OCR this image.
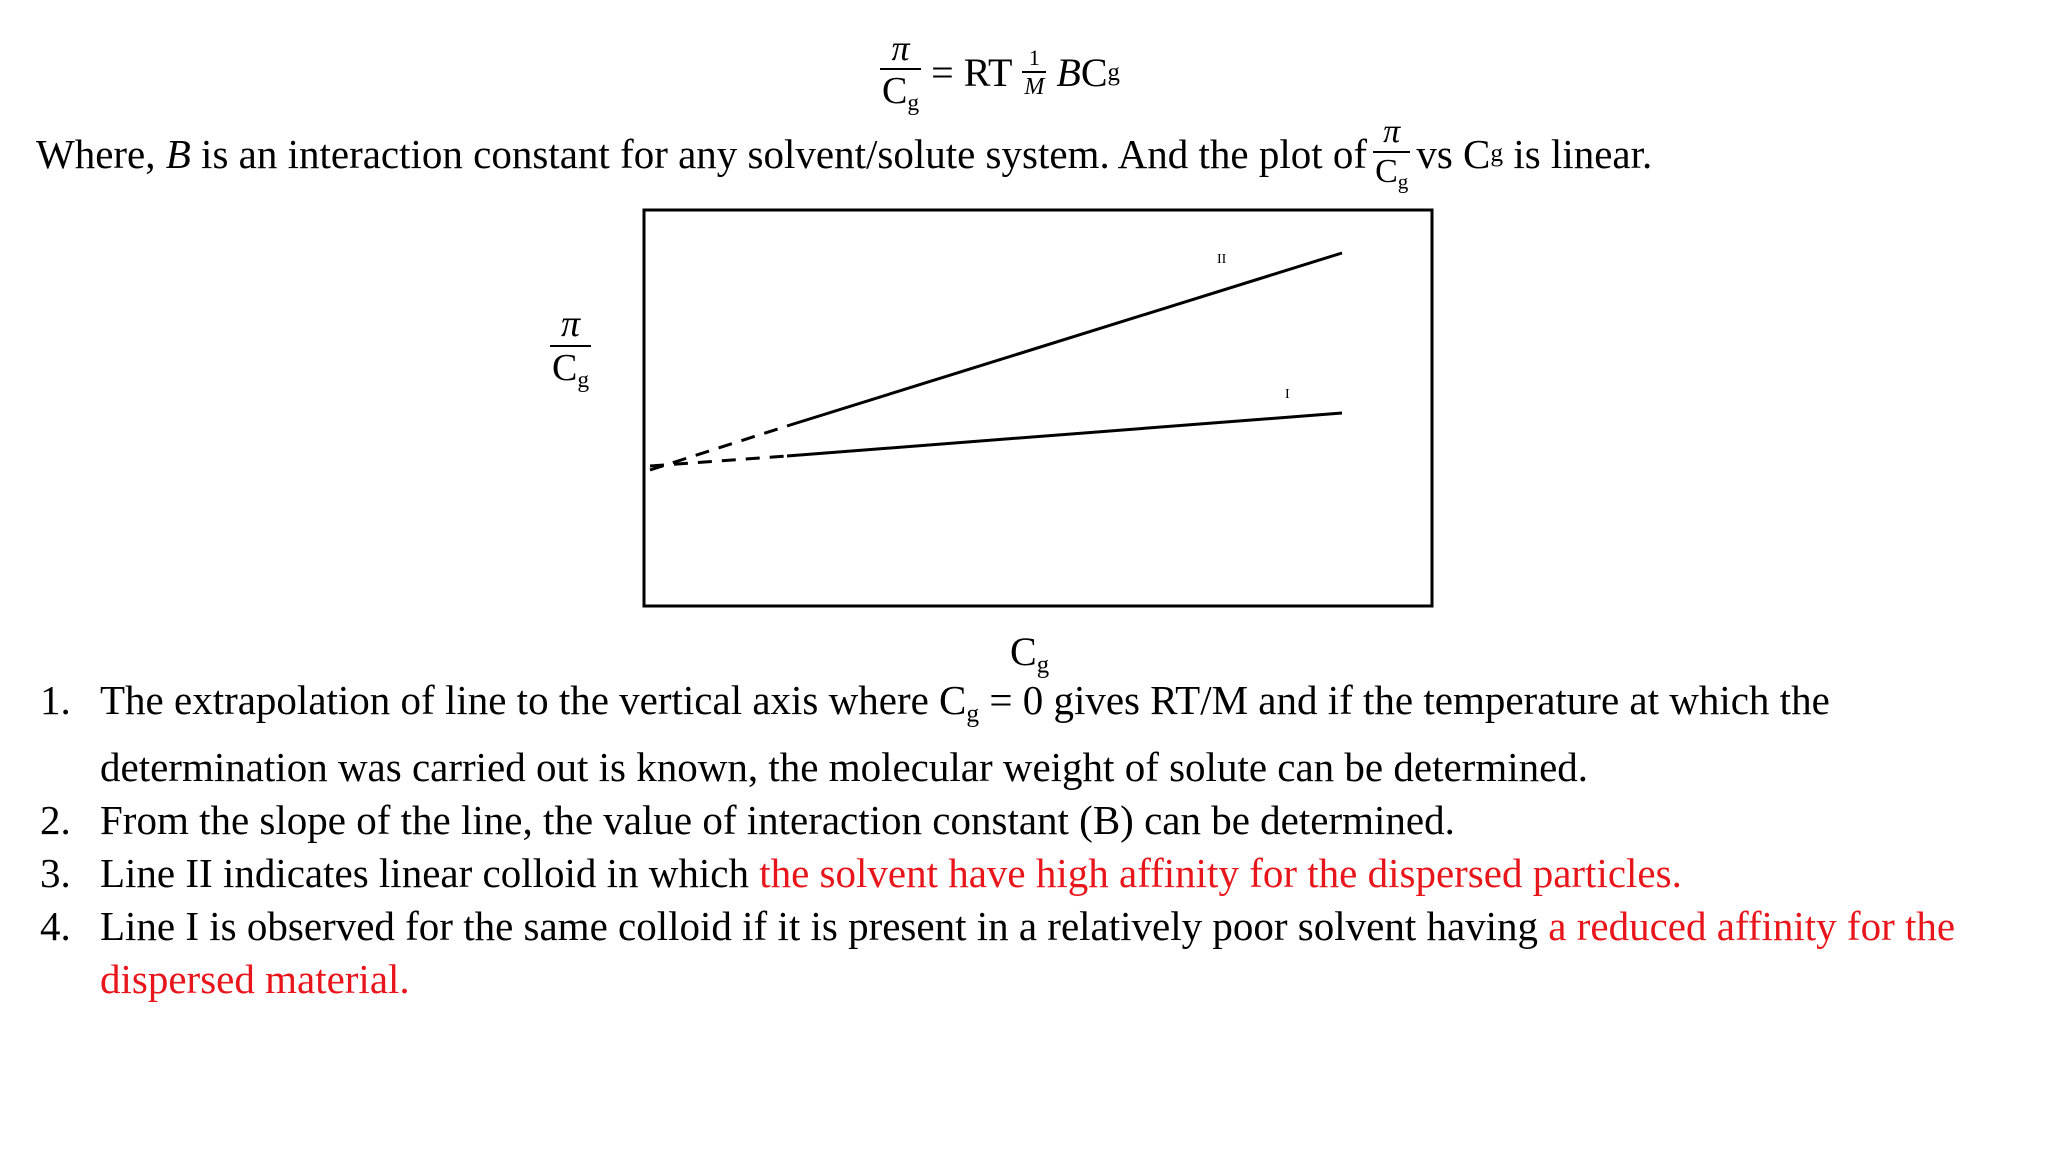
$\frac{\pi}{C_g}$ = RT $\frac{1}{M}$ B C g
Where,
B
is an interaction constant for any solvent/solute system. And the plot of $\frac{\pi}{C_g}$ vs C g
is linear.
$\frac{\pi}{C_g}$
II
I
$C_g$
1. The extrapolation of line to the vertical axis where $C_g = 0$ gives RT/M and if the temperature at which the determination was carried out is known, the molecular weight of solute can be determined.
2. From the slope of the line, the value of interaction constant (B) can be determined.
3. Line II indicates linear colloid in which the solvent have high affinity for the dispersed particles.
4. Line I is observed for the same colloid if it is present in a relatively poor solvent having a reduced affinity for the dispersed material.
